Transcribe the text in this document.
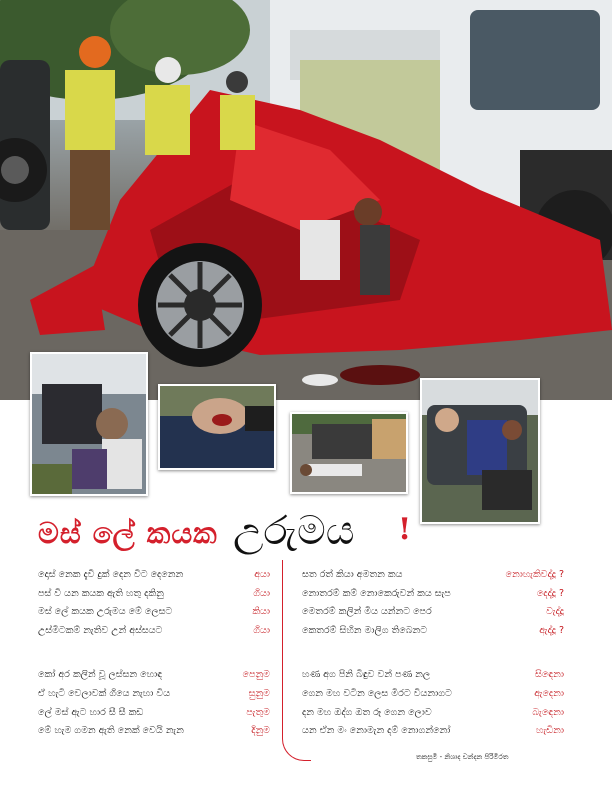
මස් ලේ කයක උරුමය !
දොස් නෙක දැවී දුක් දෙන වීට දෙනෙන	අයා
පස් වී යන කයක ඇති හතු දකිනු	ගියා
මස් ලේ කයක උරුමය මේ ලෙසට	කියා
උස්මිටකම් නැතිව උන් අස්සයට	ගියා
කෝ අර කලින් වූ ලස්සන හොඳ	පෙනුම
ඒ හැටි වෙලාවක් ගියෙ නැහා විය	සුනුම
ලේ මස් ඇට හාර සී සී කඩ	පැතුම
මේ හැම ගමන ඇති නෙක් වෙයි නැන	දිනුම
සත රත් කියා අමතන කය	නොහැකිවද්දූ ?
නොතරම් කම් නොකෙරුවන් කය සැප	දෙද්දූ ?
මෙතරම් කලින් මිය යන්නට පෙර	වැද්දූ
කෙතරම් සිහින මාලිග තිබෙනට	ඇද්දූ ?
හණ අග පිනි බිඳුව වන් පණ නල	සිඳෙනා
ගෙන මහ වටින ලෙස මිරට වියනාගට	ඇදෙනා
දන මහ ඔද්ග ඔත රූ ගෙන ලොව	බැඳෙනා
යන ඒන මං නොමැන දම් නොගන්නෝ	හැඩිනා
තකසුමි - නිශාද චන්දන පිරිමිරත
